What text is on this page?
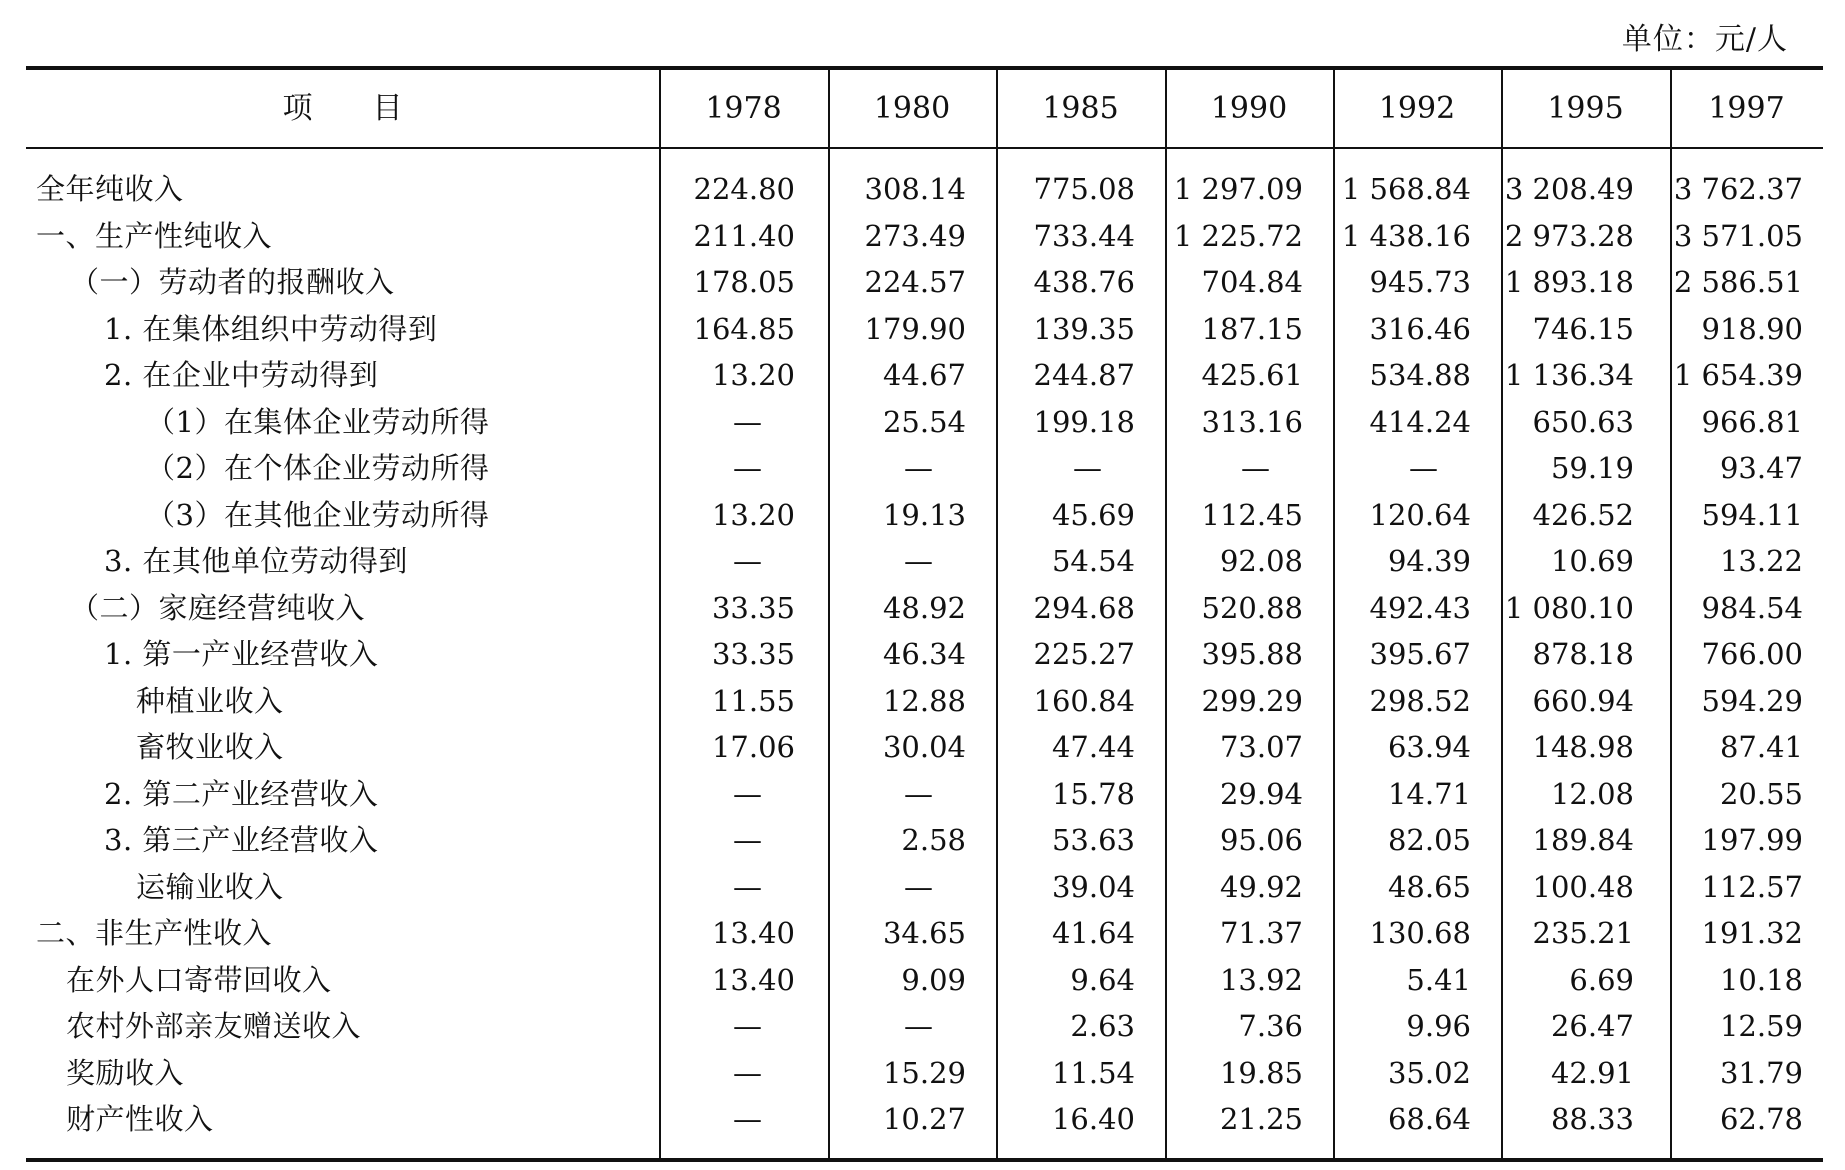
单位：元/人
项　　目	1978	1980	1985	1990	1992	1995	1997
全年纯收入	224.80	308.14	775.08	1 297.09	1 568.84	3 208.49	3 762.37
一、生产性纯收入	211.40	273.49	733.44	1 225.72	1 438.16	2 973.28	3 571.05
（一）劳动者的报酬收入	178.05	224.57	438.76	704.84	945.73	1 893.18	2 586.51
1. 在集体组织中劳动得到	164.85	179.90	139.35	187.15	316.46	746.15	918.90
2. 在企业中劳动得到	13.20	44.67	244.87	425.61	534.88	1 136.34	1 654.39
（1）在集体企业劳动所得	—	25.54	199.18	313.16	414.24	650.63	966.81
（2）在个体企业劳动所得	—	—	—	—	—	59.19	93.47
（3）在其他企业劳动所得	13.20	19.13	45.69	112.45	120.64	426.52	594.11
3. 在其他单位劳动得到	—	—	54.54	92.08	94.39	10.69	13.22
（二）家庭经营纯收入	33.35	48.92	294.68	520.88	492.43	1 080.10	984.54
1. 第一产业经营收入	33.35	46.34	225.27	395.88	395.67	878.18	766.00
种植业收入	11.55	12.88	160.84	299.29	298.52	660.94	594.29
畜牧业收入	17.06	30.04	47.44	73.07	63.94	148.98	87.41
2. 第二产业经营收入	—	—	15.78	29.94	14.71	12.08	20.55
3. 第三产业经营收入	—	2.58	53.63	95.06	82.05	189.84	197.99
运输业收入	—	—	39.04	49.92	48.65	100.48	112.57
二、非生产性收入	13.40	34.65	41.64	71.37	130.68	235.21	191.32
在外人口寄带回收入	13.40	9.09	9.64	13.92	5.41	6.69	10.18
农村外部亲友赠送收入	—	—	2.63	7.36	9.96	26.47	12.59
奖励收入	—	15.29	11.54	19.85	35.02	42.91	31.79
财产性收入	—	10.27	16.40	21.25	68.64	88.33	62.78
